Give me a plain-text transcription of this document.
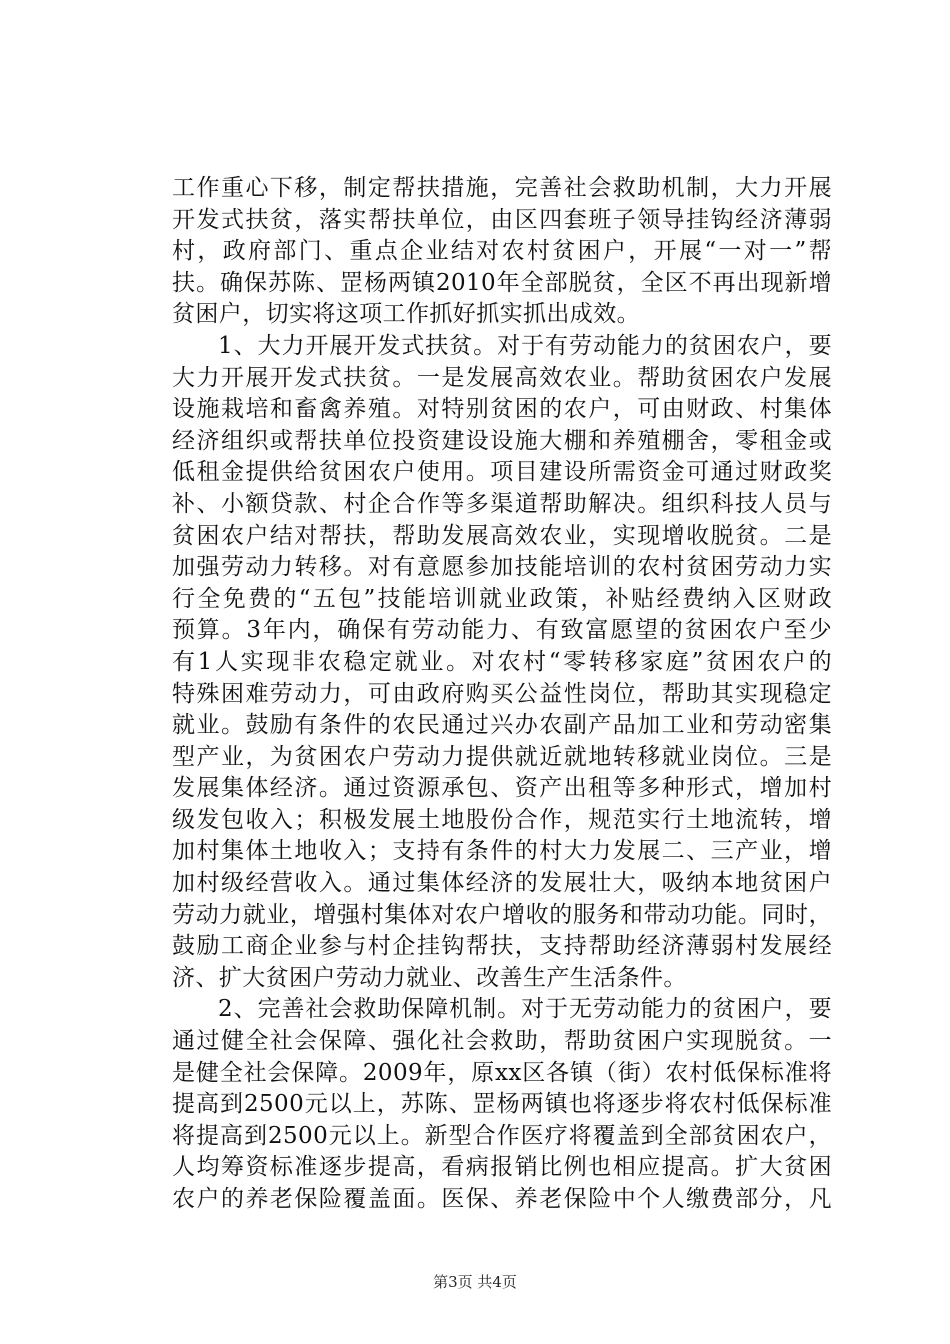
工作重心下移，制定帮扶措施，完善社会救助机制，大力开展
开发式扶贫，落实帮扶单位，由区四套班子领导挂钩经济薄弱
村，政府部门、重点企业结对农村贫困户，开展“一对一”帮
扶。确保苏陈、罡杨两镇2010年全部脱贫，全区不再出现新增
贫困户，切实将这项工作抓好抓实抓出成效。
1、大力开展开发式扶贫。对于有劳动能力的贫困农户，要
大力开展开发式扶贫。一是发展高效农业。帮助贫困农户发展
设施栽培和畜禽养殖。对特别贫困的农户，可由财政、村集体
经济组织或帮扶单位投资建设设施大棚和养殖棚舍，零租金或
低租金提供给贫困农户使用。项目建设所需资金可通过财政奖
补、小额贷款、村企合作等多渠道帮助解决。组织科技人员与
贫困农户结对帮扶，帮助发展高效农业，实现增收脱贫。二是
加强劳动力转移。对有意愿参加技能培训的农村贫困劳动力实
行全免费的“五包”技能培训就业政策，补贴经费纳入区财政
预算。3年内，确保有劳动能力、有致富愿望的贫困农户至少
有1人实现非农稳定就业。对农村“零转移家庭”贫困农户的
特殊困难劳动力，可由政府购买公益性岗位，帮助其实现稳定
就业。鼓励有条件的农民通过兴办农副产品加工业和劳动密集
型产业，为贫困农户劳动力提供就近就地转移就业岗位。三是
发展集体经济。通过资源承包、资产出租等多种形式，增加村
级发包收入；积极发展土地股份合作，规范实行土地流转，增
加村集体土地收入；支持有条件的村大力发展二、三产业，增
加村级经营收入。通过集体经济的发展壮大，吸纳本地贫困户
劳动力就业，增强村集体对农户增收的服务和带动功能。同时，
鼓励工商企业参与村企挂钩帮扶，支持帮助经济薄弱村发展经
济、扩大贫困户劳动力就业、改善生产生活条件。
2、完善社会救助保障机制。对于无劳动能力的贫困户，要
通过健全社会保障、强化社会救助，帮助贫困户实现脱贫。一
是健全社会保障。2009年，原xx区各镇（街）农村低保标准将
提高到2500元以上，苏陈、罡杨两镇也将逐步将农村低保标准
将提高到2500元以上。新型合作医疗将覆盖到全部贫困农户，
人均筹资标准逐步提高，看病报销比例也相应提高。扩大贫困
农户的养老保险覆盖面。医保、养老保险中个人缴费部分，凡
第3页 共4页
